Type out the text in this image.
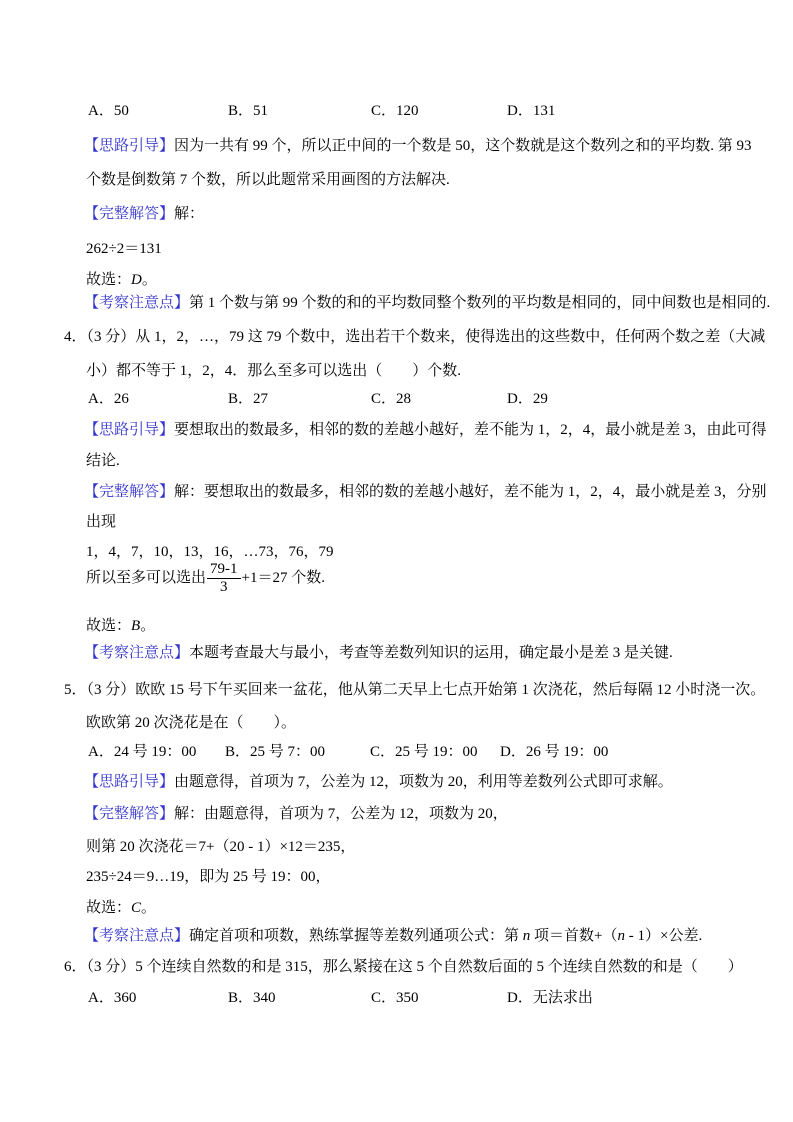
A．50	B．51	C．120	D．131
【思路引导】因为一共有 99 个，所以正中间的一个数是 50，这个数就是这个数列之和的平均数. 第 93
个数是倒数第 7 个数，所以此题常采用画图的方法解决.
【完整解答】解：
262÷2＝131
故选：D。
【考察注意点】第 1 个数与第 99 个数的和的平均数同整个数列的平均数是相同的，同中间数也是相同的.
4．（3 分）从 1，2，…，79 这 79 个数中，选出若干个数来，使得选出的这些数中，任何两个数之差（大减
小）都不等于 1，2，4．那么至多可以选出（　　）个数.
A．26	B．27	C．28	D．29
【思路引导】要想取出的数最多，相邻的数的差越小越好，差不能为 1，2，4，最小就是差 3，由此可得
结论.
【完整解答】解：要想取出的数最多，相邻的数的差越小越好，差不能为 1，2，4，最小就是差 3，分别
出现
1，4，7，10，13，16，…73，76，79
所以至多可以选出 $\frac{79-1}{3} +1=27$ 个数.
故选：B。
【考察注意点】本题考查最大与最小，考查等差数列知识的运用，确定最小是差 3 是关键.
5．（3 分）欧欧 15 号下午买回来一盆花，他从第二天早上七点开始第 1 次浇花，然后每隔 12 小时浇一次。
欧欧第 20 次浇花是在（　　）。
A．24 号 19：00 B．25 号 7：00	C．25 号 19：00 D．26 号 19：00
【思路引导】由题意得，首项为 7，公差为 12，项数为 20，利用等差数列公式即可求解。
【完整解答】解：由题意得，首项为 7，公差为 12，项数为 20，
则第 20 次浇花＝7+（20 - 1）×12＝235，
235÷24＝9…19，即为 25 号 19：00，
故选：C。
【考察注意点】确定首项和项数，熟练掌握等差数列通项公式：第 n 项＝首数+（n - 1）×公差.
6．（3 分）5 个连续自然数的和是 315，那么紧接在这 5 个自然数后面的 5 个连续自然数的和是（　　）
A．360	B．340	C．350	D．无法求出
